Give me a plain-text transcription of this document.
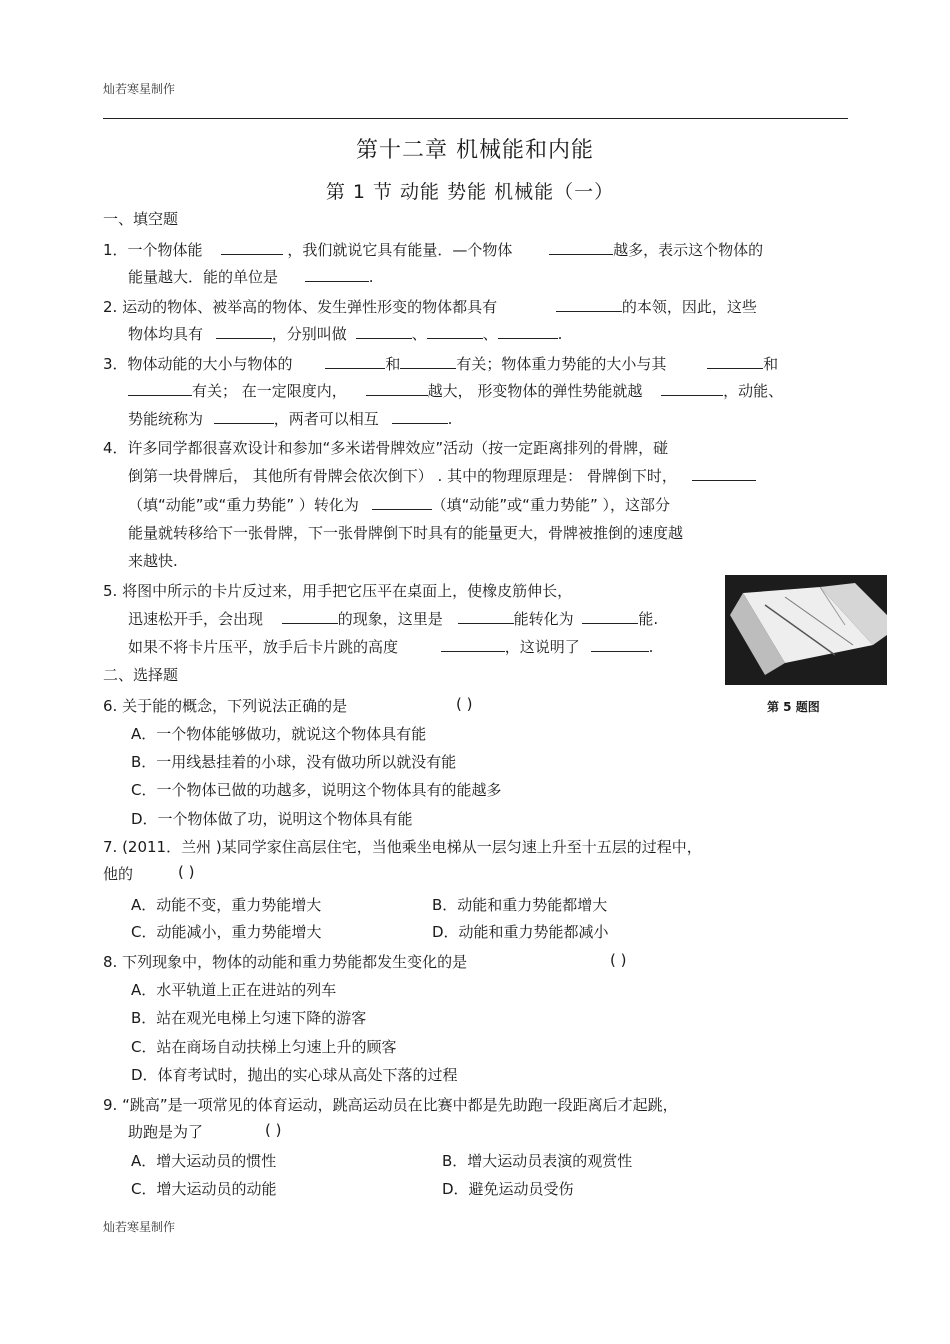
灿若寒星制作
第十二章 机械能和内能
第 1 节 动能 势能 机械能（一）
一、填空题
1．一个物体能	，我们就说它具有能量．—个物体	越多，表示这个物体的
能量越大．能的单位是	.
2. 运动的物体、被举高的物体、发生弹性形变的物体都具有	的本领，因此，这些
物体均具有	，分别叫做	、	、	.
3．物体动能的大小与物体的	和	有关；物体重力势能的大小与其	和
有关； 在一定限度内，	越大， 形变物体的弹性势能就越	，动能、
势能统称为	，两者可以相互	.
4．许多同学都很喜欢设计和参加“多米诺骨牌效应”活动（按一定距离排列的骨牌，碰
倒第一块骨牌后， 其他所有骨牌会依次倒下） . 其中的物理原理是： 骨牌倒下时，
（填“动能”或“重力势能” ）转化为	（填“动能”或“重力势能” ），这部分
能量就转移给下一张骨牌，下一张骨牌倒下时具有的能量更大，骨牌被推倒的速度越
来越快.
5. 将图中所示的卡片反过来，用手把它压平在桌面上，使橡皮筋伸长，
迅速松开手，会出现	的现象，这里是	能转化为	能.
如果不将卡片压平，放手后卡片跳的高度	，这说明了	.
第 5 题图
二、选择题
6. 关于能的概念，下列说法正确的是	( )
A．一个物体能够做功，就说这个物体具有能
B．一用线悬挂着的小球，没有做功所以就没有能
C．一个物体已做的功越多，说明这个物体具有的能越多
D．一个物体做了功，说明这个物体具有能
7. (2011．兰州 )某同学家住高层住宅，当他乘坐电梯从一层匀速上升至十五层的过程中，
他的	( )
A．动能不变，重力势能增大	B．动能和重力势能都增大
C．动能减小，重力势能增大	D．动能和重力势能都减小
8. 下列现象中，物体的动能和重力势能都发生变化的是	( )
A．水平轨道上正在进站的列车
B．站在观光电梯上匀速下降的游客
C．站在商场自动扶梯上匀速上升的顾客
D．体育考试时，抛出的实心球从高处下落的过程
9. “跳高”是一项常见的体育运动，跳高运动员在比赛中都是先助跑一段距离后才起跳，
助跑是为了	( )
A．增大运动员的惯性	B．增大运动员表演的观赏性
C．增大运动员的动能	D．避免运动员受伤
灿若寒星制作
